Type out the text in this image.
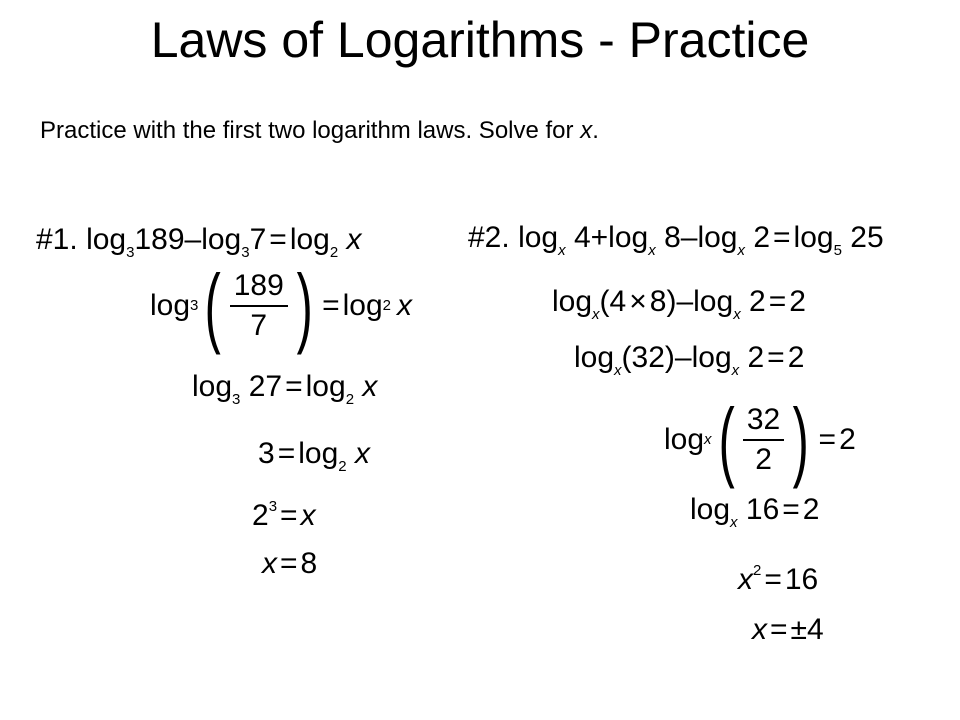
Laws of Logarithms - Practice
Practice with the first two logarithm laws. Solve for x.
#1. $\log_3189-\log_37 = \log_2 x$
log 3 ( $\frac{189}{7}$ ) = log 2 x
$\log_3 27 = \log_2 x$
$3 = \log_2 x$
$2^3 = x$
x = 8
#2. $\log_x 4+\log_x$ $8-\log_x$ $2 = \log_5 25$
$\log_x(4 \times 8)-\log_x$ 2 = 2
$\log_x(32)-\log_x$ 2 = 2
log x ( $\frac{32}{2}$ ) = 2
$\log_x 16 = 2$
$x^2 = 16$
x = ±4
